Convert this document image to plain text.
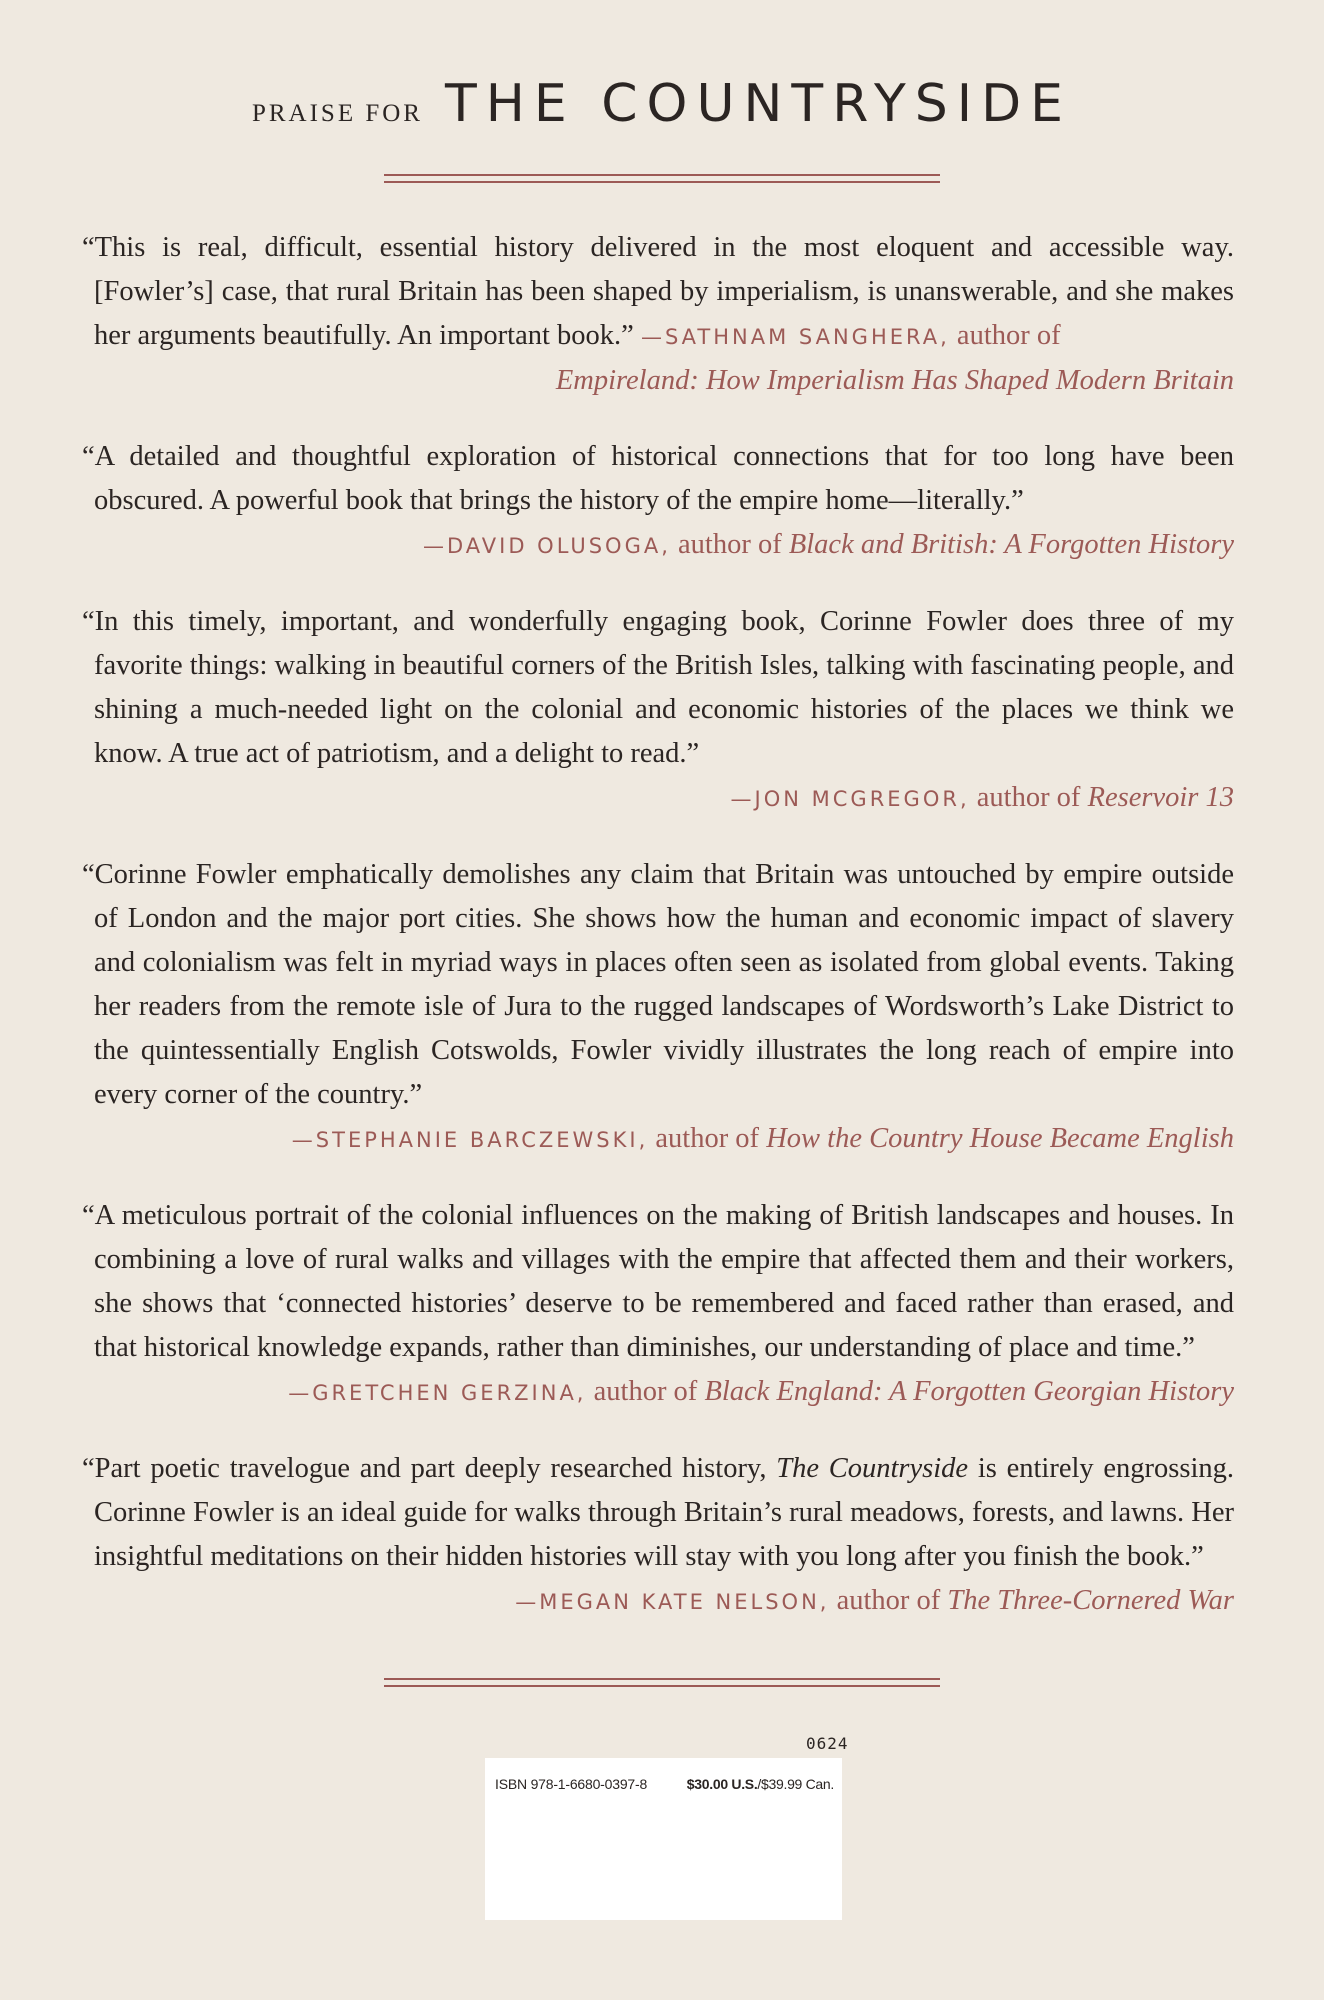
PRAISE FOR THE COUNTRYSIDE
“This is real, difficult, essential history delivered in the most eloquent and accessible way. [Fowler’s] case, that rural Britain has been shaped by imperialism, is unanswerable, and she makes her arguments beautifully. An important book.” —SATHNAM SANGHERA, author of
Empireland: How Imperialism Has Shaped Modern Britain
“A detailed and thoughtful exploration of historical connections that for too long have been obscured. A powerful book that brings the history of the empire home—literally.”
—DAVID OLUSOGA, author of Black and British: A Forgotten History
“In this timely, important, and wonderfully engaging book, Corinne Fowler does three of my favorite things: walking in beautiful corners of the British Isles, talking with fascinating people, and shining a much-needed light on the colonial and economic histories of the places we think we know. A true act of patriotism, and a delight to read.”
—JON MCGREGOR, author of Reservoir 13
“Corinne Fowler emphatically demolishes any claim that Britain was untouched by empire outside of London and the major port cities. She shows how the human and economic impact of slavery and colonialism was felt in myriad ways in places often seen as isolated from global events. Taking her readers from the remote isle of Jura to the rugged landscapes of Wordsworth’s Lake District to the quintessentially English Cotswolds, Fowler vividly illustrates the long reach of empire into every corner of the country.”
—STEPHANIE BARCZEWSKI, author of How the Country House Became English
“A meticulous portrait of the colonial influences on the making of British landscapes and houses. In combining a love of rural walks and villages with the empire that affected them and their workers, she shows that ‘connected histories’ deserve to be remembered and faced rather than erased, and that historical knowledge expands, rather than diminishes, our understanding of place and time.”
—GRETCHEN GERZINA, author of Black England: A Forgotten Georgian History
“Part poetic travelogue and part deeply researched history, The Countryside is entirely engrossing. Corinne Fowler is an ideal guide for walks through Britain’s rural meadows, forests, and lawns. Her insightful meditations on their hidden histories will stay with you long after you finish the book.”
—MEGAN KATE NELSON, author of The Three-Cornered War
0624
ISBN 978-1-6680-0397-8	$30.00 U.S./$39.99 Can.
